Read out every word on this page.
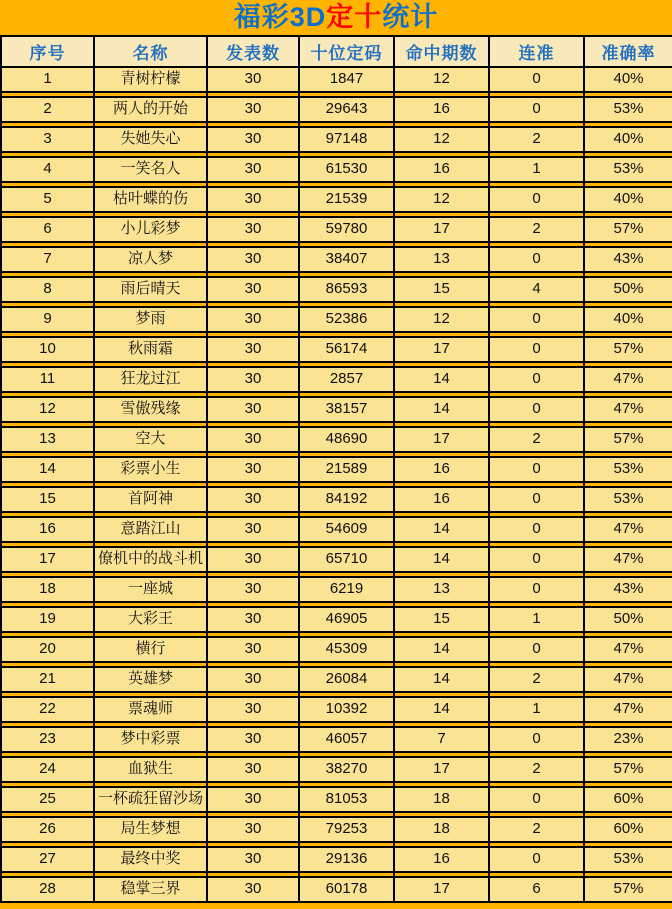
福彩3D 定十 统计
序号	名称	发表数	十位定码	命中期数	连准	准确率
1	青树柠檬	30	1847	12	0	40%

2	两人的开始	30	29643	16	0	53%

3	失她失心	30	97148	12	2	40%

4	一笑名人	30	61530	16	1	53%

5	枯叶蝶的伤	30	21539	12	0	40%

6	小儿彩梦	30	59780	17	2	57%

7	凉人梦	30	38407	13	0	43%

8	雨后晴天	30	86593	15	4	50%

9	梦雨	30	52386	12	0	40%

10	秋雨霜	30	56174	17	0	57%

11	狂龙过江	30	2857	14	0	47%

12	雪傲残缘	30	38157	14	0	47%

13	空大	30	48690	17	2	57%

14	彩票小生	30	21589	16	0	53%

15	首阿神	30	84192	16	0	53%

16	意踏江山	30	54609	14	0	47%

17	僚机中的战斗机	30	65710	14	0	47%

18	一座城	30	6219	13	0	43%

19	大彩王	30	46905	15	1	50%

20	横行	30	45309	14	0	47%

21	英雄梦	30	26084	14	2	47%

22	票魂师	30	10392	14	1	47%

23	梦中彩票	30	46057	7	0	23%

24	血狱生	30	38270	17	2	57%

25	一杯疏狂留沙场	30	81053	18	0	60%

26	局生梦想	30	79253	18	2	60%

27	最终中奖	30	29136	16	0	53%

28	稳掌三界	30	60178	17	6	57%
